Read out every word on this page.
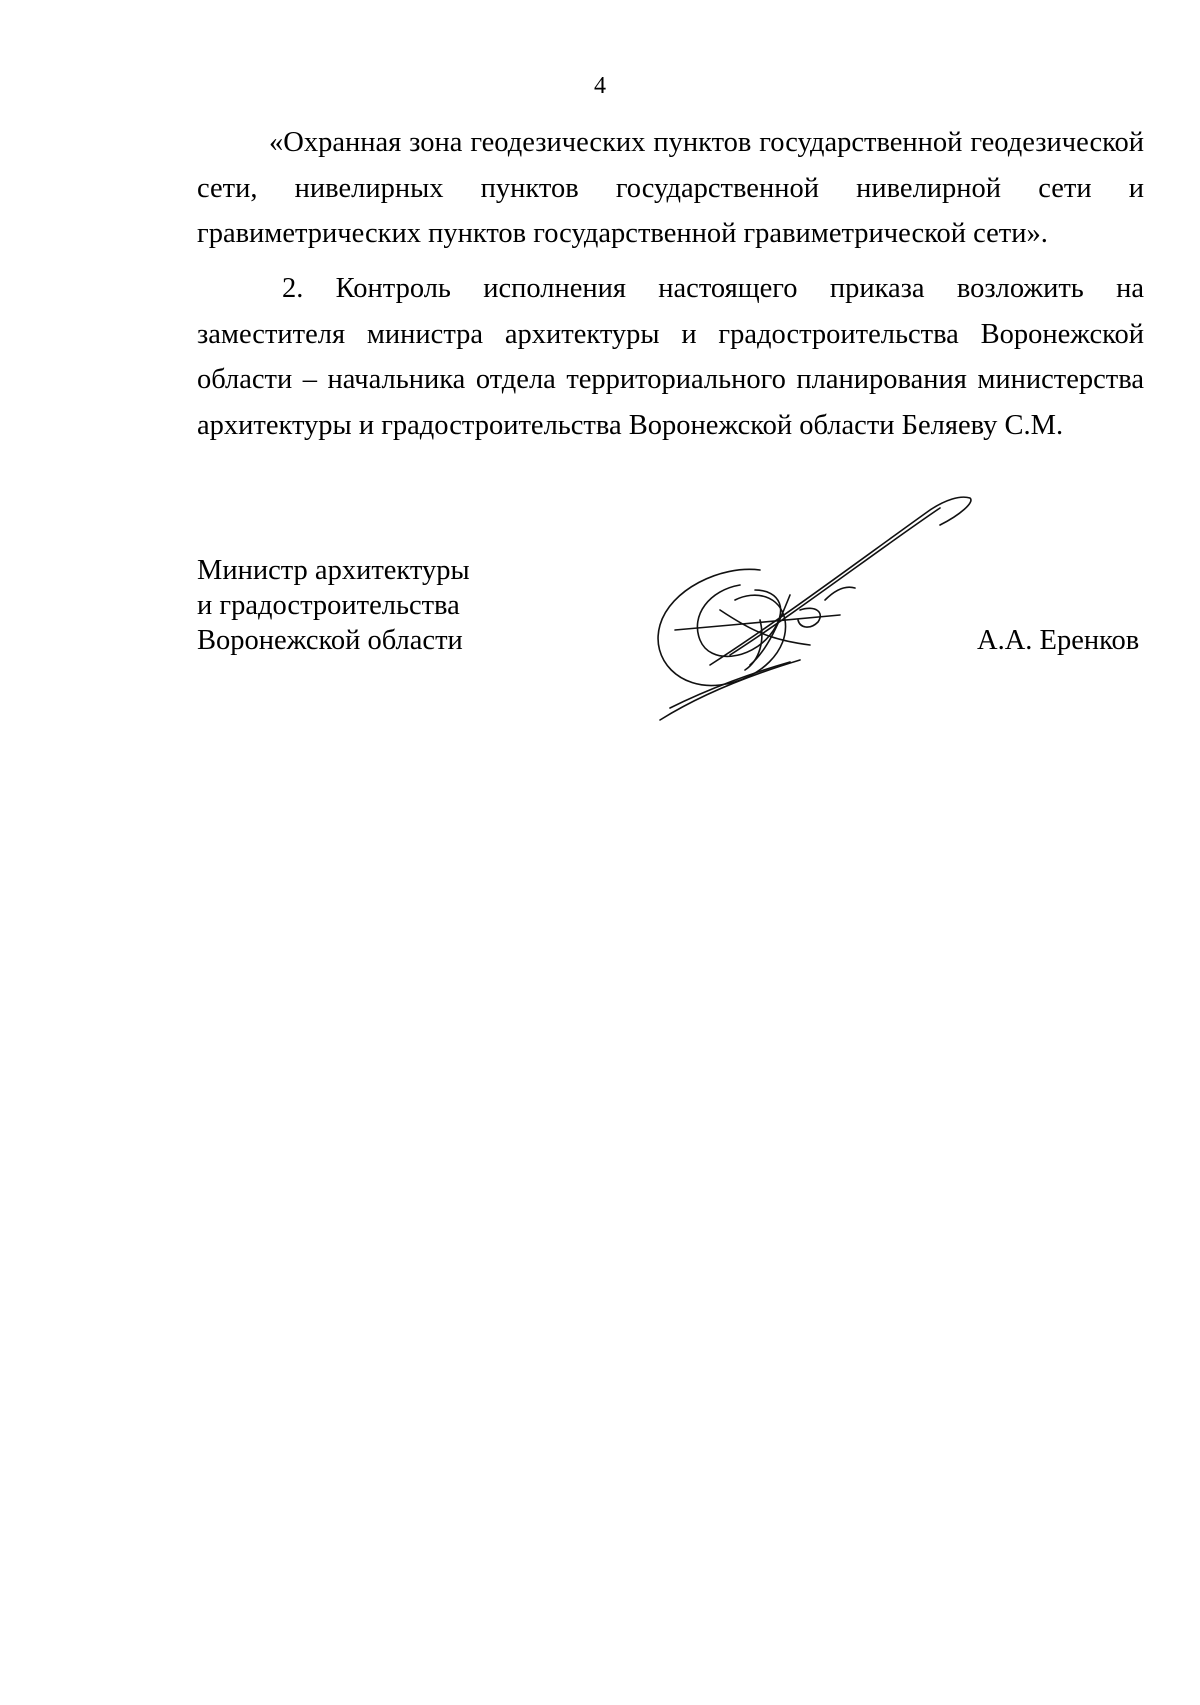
4

«Охранная зона геодезических пунктов государственной геодезической сети, нивелирных пунктов государственной нивелирной сети и гравиметрических пунктов государственной гравиметрической сети».

2. Контроль исполнения настоящего приказа возложить на заместителя министра архитектуры и градостроительства Воронежской области – начальника отдела территориального планирования министерства архитектуры и градостроительства Воронежской области Беляеву С.М.

Министр архитектуры
и градостроительства
Воронежской области	А.А. Еренков
